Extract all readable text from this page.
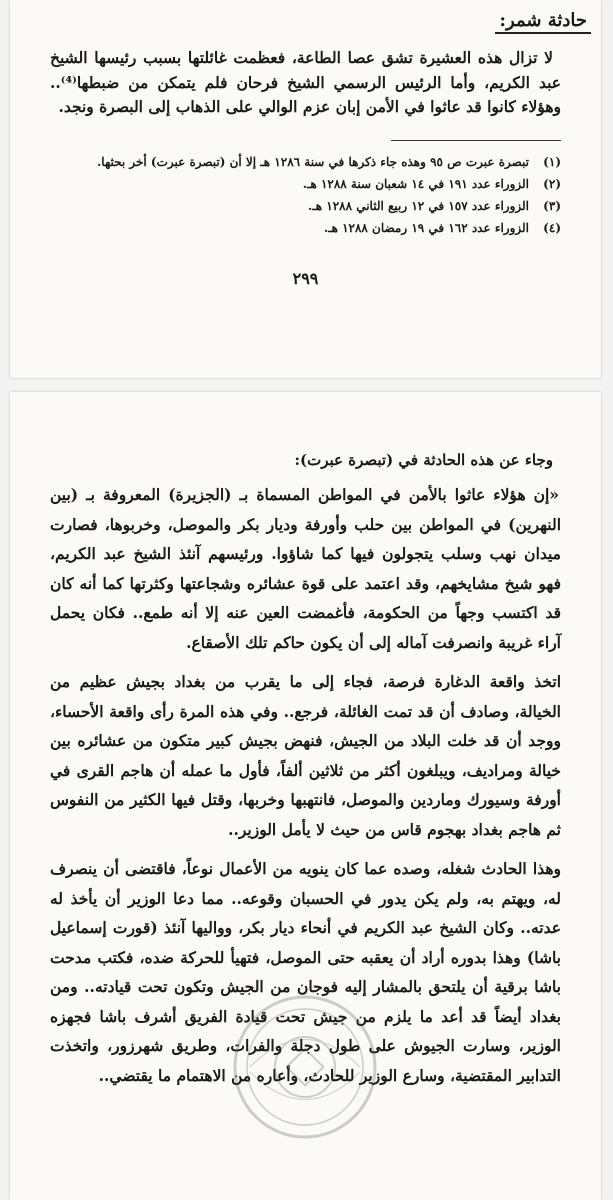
حادثة شمر:

لا تزال هذه العشيرة تشق عصا الطاعة، فعظمت غائلتها بسبب رئيسها الشيخ عبد الكريم، وأما الرئيس الرسمي الشيخ فرحان فلم يتمكن من ضبطها⁽⁴⁾.. وهؤلاء كانوا قد عاثوا في الأمن إبان عزم الوالي على الذهاب إلى البصرة ونجد.

(١)
تبصرة عبرت ص ٩٥ وهذه جاء ذكرها في سنة ١٢٨٦ هـ إلا أن (تبصرة عبرت) أخر بحثها.
(٢)
الزوراء عدد ١٩١ في ١٤ شعبان سنة ١٢٨٨ هـ.
(٣)
الزوراء عدد ١٥٧ في ١٢ ربيع الثاني ١٢٨٨ هـ.
(٤)
الزوراء عدد ١٦٢ في ١٩ رمضان ١٢٨٨ هـ.
٢٩٩
وجاء عن هذه الحادثة في (تبصرة عبرت):

«إن هؤلاء عاثوا بالأمن في المواطن المسماة بـ (الجزيرة) المعروفة بـ (بين النهرين) في المواطن بين حلب وأورفة وديار بكر والموصل، وخربوها، فصارت ميدان نهب وسلب يتجولون فيها كما شاؤوا. ورئيسهم آنئذ الشيخ عبد الكريم، فهو شيخ مشايخهم، وقد اعتمد على قوة عشائره وشجاعتها وكثرتها كما أنه كان قد اكتسب وجهاً من الحكومة، فأغمضت العين عنه إلا أنه طمع.. فكان يحمل آراء غريبة وانصرفت آماله إلى أن يكون حاكم تلك الأصقاع.

اتخذ واقعة الدغارة فرصة، فجاء إلى ما يقرب من بغداد بجيش عظيم من الخيالة، وصادف أن قد تمت الغائلة، فرجع.. وفي هذه المرة رأى واقعة الأحساء، ووجد أن قد خلت البلاد من الجيش، فنهض بجيش كبير متكون من عشائره بين خيالة ومراديف، ويبلغون أكثر من ثلاثين ألفاً، فأول ما عمله أن هاجم القرى في أورفة وسيورك وماردين والموصل، فانتهبها وخربها، وقتل فيها الكثير من النفوس ثم هاجم بغداد بهجوم قاس من حيث لا يأمل الوزير..

وهذا الحادث شغله، وصده عما كان ينويه من الأعمال نوعاً، فاقتضى أن ينصرف له، ويهتم به، ولم يكن يدور في الحسبان وقوعه.. مما دعا الوزير أن يأخذ له عدته.. وكان الشيخ عبد الكريم في أنحاء ديار بكر، وواليها آنئذ (قورت إسماعيل باشا) وهذا بدوره أراد أن يعقبه حتى الموصل، فتهيأ للحركة ضده، فكتب مدحت باشا برقية أن يلتحق بالمشار إليه فوجان من الجيش وتكون تحت قيادته.. ومن بغداد أيضاً قد أعد ما يلزم من جيش تحت قيادة الفريق أشرف باشا فجهزه الوزير، وسارت الجيوش على طول دجلة والفرات، وطريق شهرزور، واتخذت التدابير المقتضية، وسارع الوزير للحادث، وأعاره من الاهتمام ما يقتضي..
